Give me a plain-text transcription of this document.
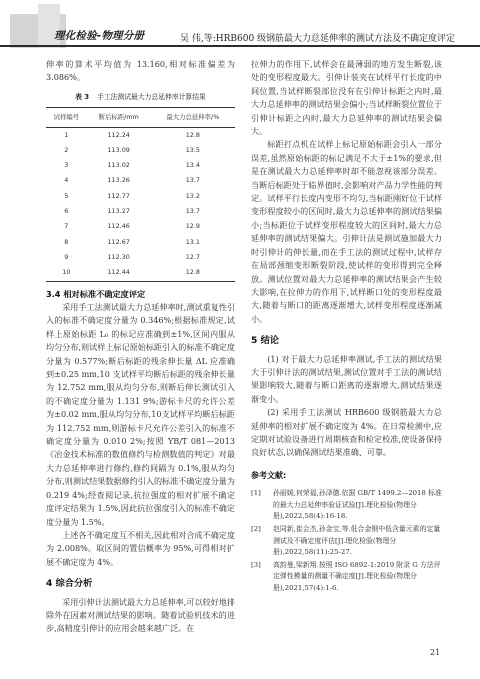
理化检验-物理分册	吴 伟,等:HRB600 级钢筋最大力总延伸率的测试方法及不确定度评定

伸率的算术平均值为 13.160,相对标准偏差为 3.086%。

表 3 手工法测试最大力总延伸率计算结果
试样编号	断后标距/mm	最大力总延伸率/%
1	112.24	12.8
2	113.09	13.5
3	113.02	13.4
4	113.26	13.7
5	112.77	13.2
6	113.27	13.7
7	112.46	12.9
8	112.67	13.1
9	112.30	12.7
10	112.44	12.8
3.4 相对标准不确定度评定

采用手工法测试最大力总延伸率时,测试重复性引入的标准不确定度分量为 0.346%;根据标准规定,试样上原始标距 L₀ 的标记应准确到±1%,区间内服从均匀分布,则试样上标记原始标距引入的标准不确定度分量为 0.577%;断后标距的残余伸长量 ΔL 应准确到±0.25 mm,10 支试样平均断后标距的残余伸长量为 12.752 mm,服从均匀分布,则断后伸长测试引入的不确定度分量为 1.131 9%;游标卡尺的允许公差为±0.02 mm,服从均匀分布,10支试样平均断后标距为 112.752 mm,则游标卡尺允许公差引入的标准不确定度分量为 0.010 2%;按照 YB/T 081—2013《冶金技术标准的数值修约与检测数值的判定》对最大力总延伸率进行修约,修约间隔为 0.1%,服从均匀分布,则测试结果数据修约引入的标准不确定度分量为 0.219 4%;经查阅记录,抗拉强度的相对扩展不确定度评定结果为 1.5%,因此抗拉强度引入的标准不确定度分量为 1.5%。

上述各不确定度互不相关,因此相对合成不确定度为 2.008%。取区间的置信概率为 95%,可得相对扩展不确定度为 4%。

4 综合分析

采用引伸计法测试最大力总延伸率,可以较好地排除外在因素对测试结果的影响。随着试验机技术的进步,高精度引伸计的应用会越来越广泛。在

拉伸力的作用下,试样会在最薄弱的地方发生断裂,该处的变形程度最大。引伸计装夹在试样平行长度的中间位置,当试样断裂部位没有在引伸计标距之内时,最大力总延伸率的测试结果会偏小;当试样断裂位置位于引伸计标距之内时,最大力总延伸率的测试结果会偏大。

标距打点机在试样上标记原始标距会引入一部分误差,虽然原始标距的标记满足不大于±1%的要求,但是在测试最大力总延伸率时却不能忽视该部分误差。当断后标距处于临界值时,会影响对产品力学性能的判定。试样平行长度内变形不均匀,当标距刚好位于试样变形程度较小的区间时,最大力总延伸率的测试结果偏小;当标距位于试样变形程度较大的区间时,最大力总延伸率的测试结果偏大。引伸计法是测试施加最大力时引伸计的伸长量,而在手工法的测试过程中,试样存在局部颈缩变形断裂阶段,使试样的变形得到完全释放。测试位置对最大力总延伸率的测试结果会产生较大影响,在拉伸力的作用下,试样断口处的变形程度最大,随着与断口的距离逐渐增大,试样变形程度逐渐减小。

5 结论

(1) 对于最大力总延伸率测试,手工法的测试结果大于引伸计法的测试结果,测试位置对手工法的测试结果影响较大,随着与断口距离的逐渐增大,测试结果逐渐变小。

(2) 采用手工法测试 HRB600 级钢筋最大力总延伸率的相对扩展不确定度为 4%。在日常检测中,应定期对试验设备进行周期核查和检定校准,使设备保持良好状态,以确保测试结果准确、可靠。

参考文献:
[1]	孙丽媛,何荣福,孙泽德.依据 GB/T 1499.2—2018 标准的最大力总延伸率验证试验[J].理化检验(物理分册),2022,58(4):16-18.
[2]	赵同新,崔会杰,孙金宝,等.低合金钢中低含量元素的定量测试及不确定度评估[J].理化检验(物理分册),2022,58(11):25-27.
[3]	高韵曼,梁新翔.按照 ISO 6892-1:2019 附录 G 方法评定弹性模量的测量不确定度[J].理化检验(物理分册),2021,57(4):1-6.
21
